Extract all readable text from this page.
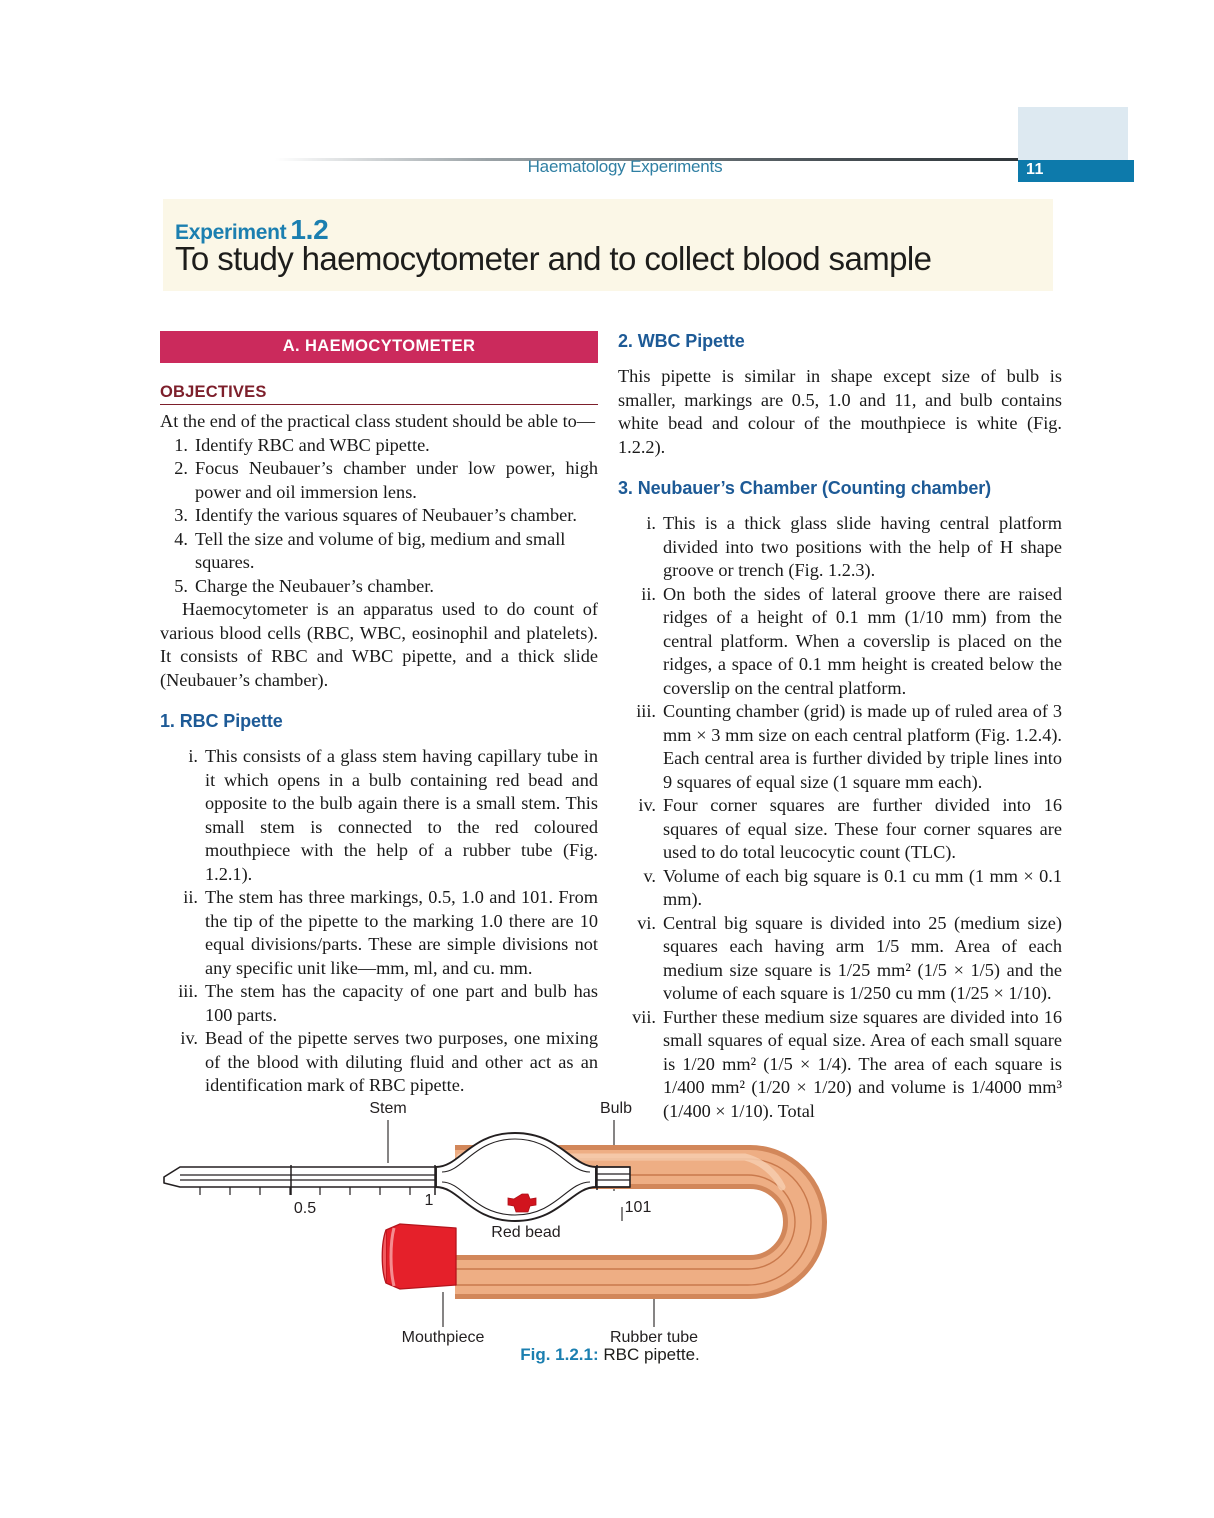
Haematology Experiments	11
Experiment 1.2
To study haemocytometer and to collect blood sample
A. HAEMOCYTOMETER
OBJECTIVES

At the end of the practical class student should be able to—

1. Identify RBC and WBC pipette.
2. Focus Neubauer’s chamber under low power, high power and oil immersion lens.
3. Identify the various squares of Neubauer’s chamber.
4. Tell the size and volume of big, medium and small squares.
5. Charge the Neubauer’s chamber.

Haemocytometer is an apparatus used to do count of various blood cells (RBC, WBC, eosinophil and platelets). It consists of RBC and WBC pipette, and a thick slide (Neubauer’s chamber).

1. RBC Pipette
i. This consists of a glass stem having capillary tube in it which opens in a bulb containing red bead and opposite to the bulb again there is a small stem. This small stem is connected to the red coloured mouthpiece with the help of a rubber tube (Fig. 1.2.1).
ii. The stem has three markings, 0.5, 1.0 and 101. From the tip of the pipette to the marking 1.0 there are 10 equal divisions/parts. These are simple divisions not any specific unit like—mm, ml, and cu. mm.
iii. The stem has the capacity of one part and bulb has 100 parts.
iv. Bead of the pipette serves two purposes, one mixing of the blood with diluting fluid and other act as an identification mark of RBC pipette.
2. WBC Pipette

This pipette is similar in shape except size of bulb is smaller, markings are 0.5, 1.0 and 11, and bulb contains white bead and colour of the mouthpiece is white (Fig. 1.2.2).

3. Neubauer’s Chamber (Counting chamber)
i. This is a thick glass slide having central platform divided into two positions with the help of H shape groove or trench (Fig. 1.2.3).
ii. On both the sides of lateral groove there are raised ridges of a height of 0.1 mm (1/10 mm) from the central platform. When a coverslip is placed on the ridges, a space of 0.1 mm height is created below the coverslip on the central platform.
iii. Counting chamber (grid) is made up of ruled area of 3 mm × 3 mm size on each central platform (Fig. 1.2.4). Each central area is further divided by triple lines into 9 squares of equal size (1 square mm each).
iv. Four corner squares are further divided into 16 squares of equal size. These four corner squares are used to do total leucocytic count (TLC).
v. Volume of each big square is 0.1 cu mm (1 mm × 0.1 mm).
vi. Central big square is divided into 25 (medium size) squares each having arm 1/5 mm. Area of each medium size square is 1/25 mm² (1/5 × 1/5) and the volume of each square is 1/250 cu mm (1/25 × 1/10).
vii. Further these medium size squares are divided into 16 small squares of equal size. Area of each small square is 1/20 mm² (1/5 × 1/4). The area of each square is 1/400 mm² (1/20 × 1/20) and volume is 1/4000 mm³ (1/400 × 1/10). Total
Stem	Bulb
0.5	1	101
Red bead
Mouthpiece	Rubber tube
Fig. 1.2.1: RBC pipette.
